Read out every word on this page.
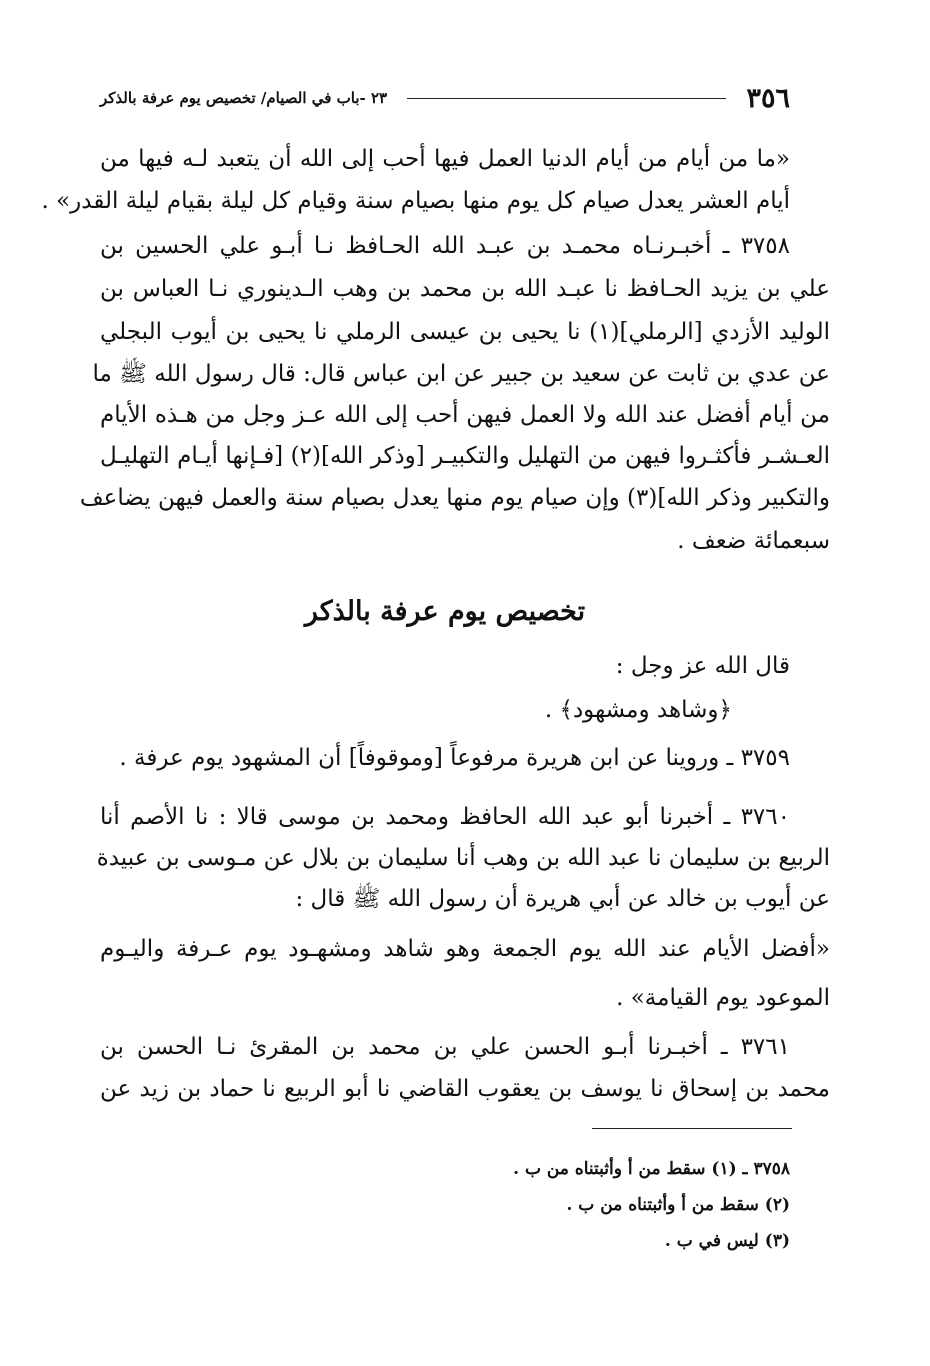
٣٥٦
٢٣ -باب في الصيام/ تخصيص يوم عرفة بالذكر
«ما من أيام من أيام الدنيا العمل فيها أحب إلى الله أن يتعبد لـه فيها من
أيام العشر يعدل صيام كل يوم منها بصيام سنة وقيام كل ليلة بقيام ليلة القدر» .
٣٧٥٨ ـ أخبـرنـاه محمـد بن عبـد الله الحـافظ نـا أبـو علي الحسين بن
علي بن يزيد الحـافظ نا عبـد الله بن محمد بن وهب الـدينوري نـا العباس بن
الوليد الأزدي [الرملي](١) نا يحيى بن عيسى الرملي نا يحيى بن أيوب البجلي
عن عدي بن ثابت عن سعيد بن جبير عن ابن عباس قال: قال رسول الله ﷺ ما
من أيام أفضل عند الله ولا العمل فيهن أحب إلى الله عـز وجل من هـذه الأيام
العـشـر فأكثـروا فيهن من التهليل والتكبيـر [وذكر الله](٢) [فـإنها أيـام التهليـل
والتكبير وذكر الله](٣) وإن صيام يوم منها يعدل بصيام سنة والعمل فيهن يضاعف
سبعمائة ضعف .
تخصيص يوم عرفة بالذكر
قال الله عز وجل :
﴿وشاهد ومشهود﴾ .
٣٧٥٩ ـ وروينا عن ابن هريرة مرفوعاً [وموقوفاً] أن المشهود يوم عرفة .
٣٧٦٠ ـ أخبرنا أبو عبد الله الحافظ ومحمد بن موسى قالا : نا الأصم أنا
الربيع بن سليمان نا عبد الله بن وهب أنا سليمان بن بلال عن مـوسى بن عبيدة
عن أيوب بن خالد عن أبي هريرة أن رسول الله ﷺ قال :
«أفضل الأيام عند الله يوم الجمعة وهو شاهد ومشهـود يوم عـرفة واليـوم
الموعود يوم القيامة» .
٣٧٦١ ـ أخبـرنا أبـو الحسن علي بن محمد بن المقرئ نـا الحسن بن
محمد بن إسحاق نا يوسف بن يعقوب القاضي نا أبو الربيع نا حماد بن زيد عن
٣٧٥٨ ـ (١) سقط من أ وأثبتناه من ب .
(٢) سقط من أ وأثبتناه من ب .
(٣) ليس في ب .
